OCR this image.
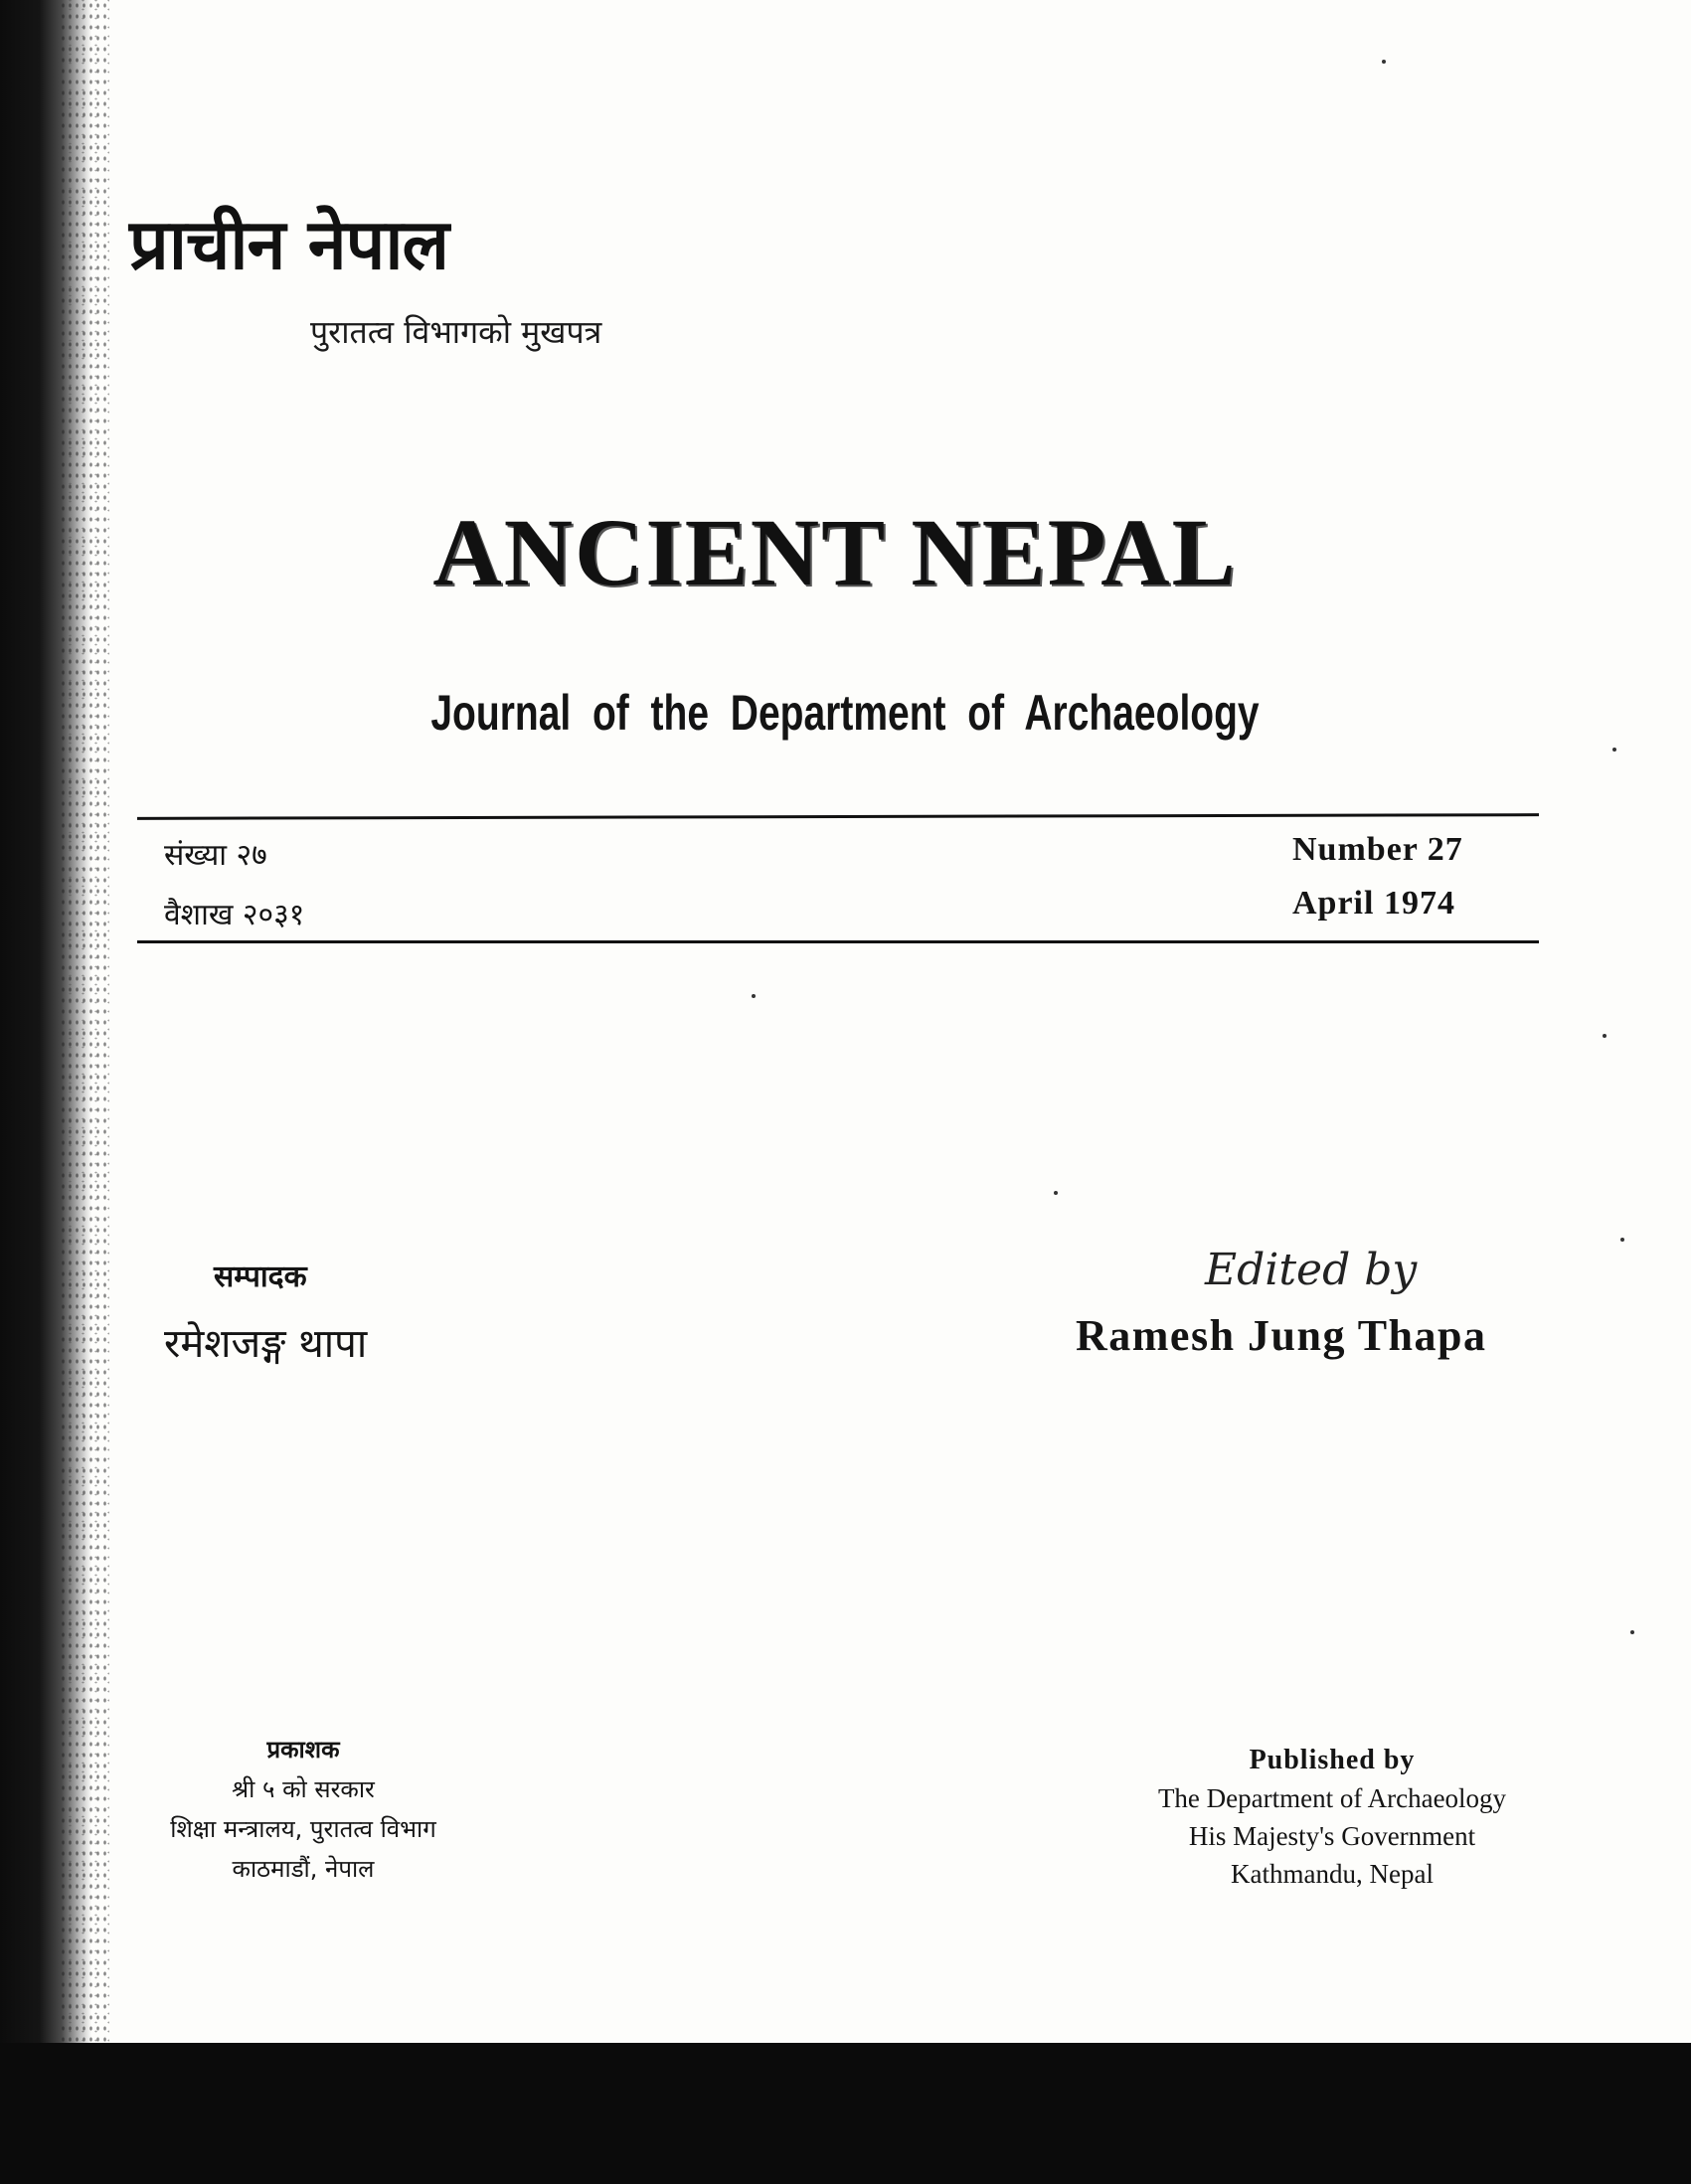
प्राचीन नेपाल
पुरातत्व विभागको मुखपत्र
ANCIENT NEPAL
Journal of the Department of Archaeology
संख्या २७
वैशाख २०३१
Number 27
April 1974
सम्पादक
रमेशजङ्ग थापा
Edited by
Ramesh Jung Thapa
प्रकाशक
श्री ५ को सरकार
शिक्षा मन्त्रालय, पुरातत्व विभाग
काठमाडौं, नेपाल
Published by
The Department of Archaeology
His Majesty's Government
Kathmandu, Nepal
